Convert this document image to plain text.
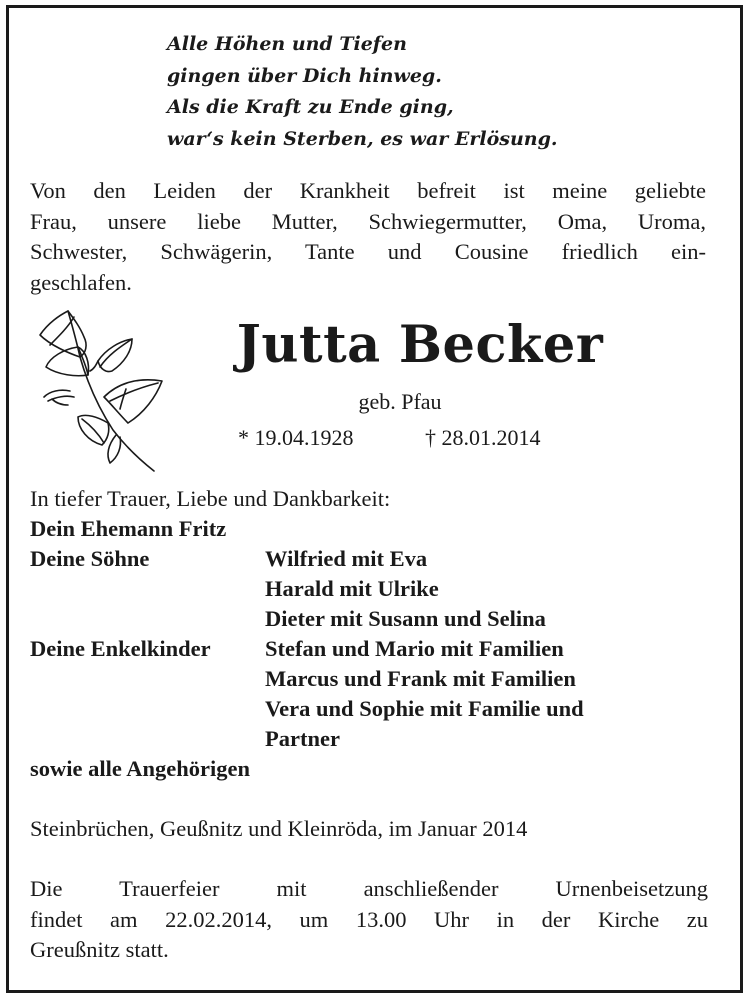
Alle Höhen und Tiefen
gingen über Dich hinweg.
Als die Kraft zu Ende ging,
war‘s kein Sterben, es war Erlösung.
Von den Leiden der Krankheit befreit ist meine geliebte
Frau, unsere liebe Mutter, Schwiegermutter, Oma, Uroma,
Schwester, Schwägerin, Tante und Cousine friedlich ein-
geschlafen.
Jutta Becker
geb. Pfau
* 19.04.1928	† 28.01.2014
In tiefer Trauer, Liebe und Dankbarkeit:
Dein Ehemann Fritz
Deine Söhne	Wilfried mit Eva
Harald mit Ulrike
Dieter mit Susann und Selina
Deine Enkelkinder	Stefan und Mario mit Familien
Marcus und Frank mit Familien
Vera und Sophie mit Familie und
Partner
sowie alle Angehörigen
Steinbrüchen, Geußnitz und Kleinröda, im Januar 2014
Die Trauerfeier mit anschließender Urnenbeisetzung
findet am 22.02.2014, um 13.00 Uhr in der Kirche zu
Greußnitz statt.
